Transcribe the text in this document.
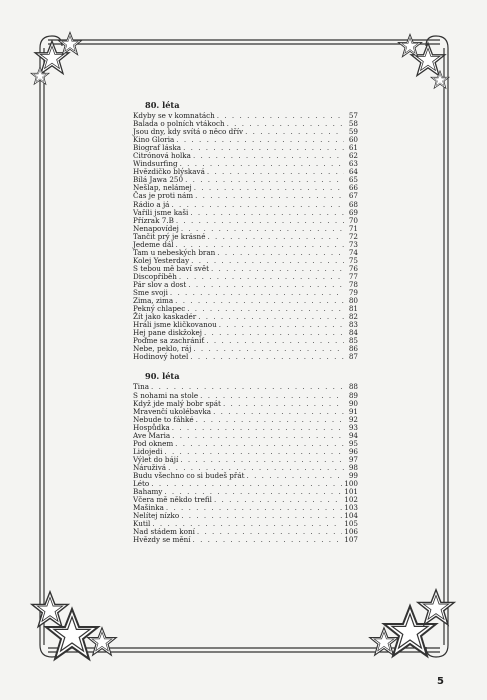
80. léta
Kdyby se v komnatách . . .	57
Balada o polních vtákoch . . .	58
Jsou dny, kdy svítá o něco dřív . . .	59
Kino Gloria . . .	60
Biograf láska . . .	61
Citrónová holka . . .	62
Windsurfing . . .	63
Hvězdičko blýskavá . . .	64
Bílá Jawa 250 . . .	65
Nešlap, nelámej . . .	66
Čas je proti nám . . .	67
Rádio a já . . .	68
Vařili jsme kaši . . .	69
Přízrak 7.B . . .	70
Nenapovídej . . .	71
Tančit prý je krásné . . .	72
Jedeme dál . . .	73
Tam u nebeských bran . . .	74
Kolej Yesterday . . .	75
S tebou mě baví svět . . .	76
Discopříběh . . .	77
Pár slov a dost . . .	78
Sme svoji . . .	79
Zima, zima . . .	80
Pekný chlapec . . .	81
Žít jako kaskadér . . .	82
Hráli jsme kličkovanou . . .	83
Hej pane diskžokej . . .	84
Poďme sa zachrániť . . .	85
Nebe, peklo, ráj . . .	86
Hodinový hotel . . .	87
90. léta
Tina . . .	88
S nohami na stole . . .	89
Když jde malý bobr spát . . .	90
Mravenčí ukolébavka . . .	91
Nebude to fáhké . . .	92
Hospůdka . . .	93
Ave Maria . . .	94
Pod oknem . . .	95
Lidojedi . . .	96
Výlet do bájí . . .	97
Náruživá . . .	98
Budu všechno co si budeš přát . . .	99
Léto . . .	100
Bahamy . . .	101
Včera mě někdo trefil . . .	102
Mašinka . . .	103
Nelítej nízko . . .	104
Kutil . . .	105
Nad stádem koní . . .	106
Hvězdy se mění . . .	107
5
